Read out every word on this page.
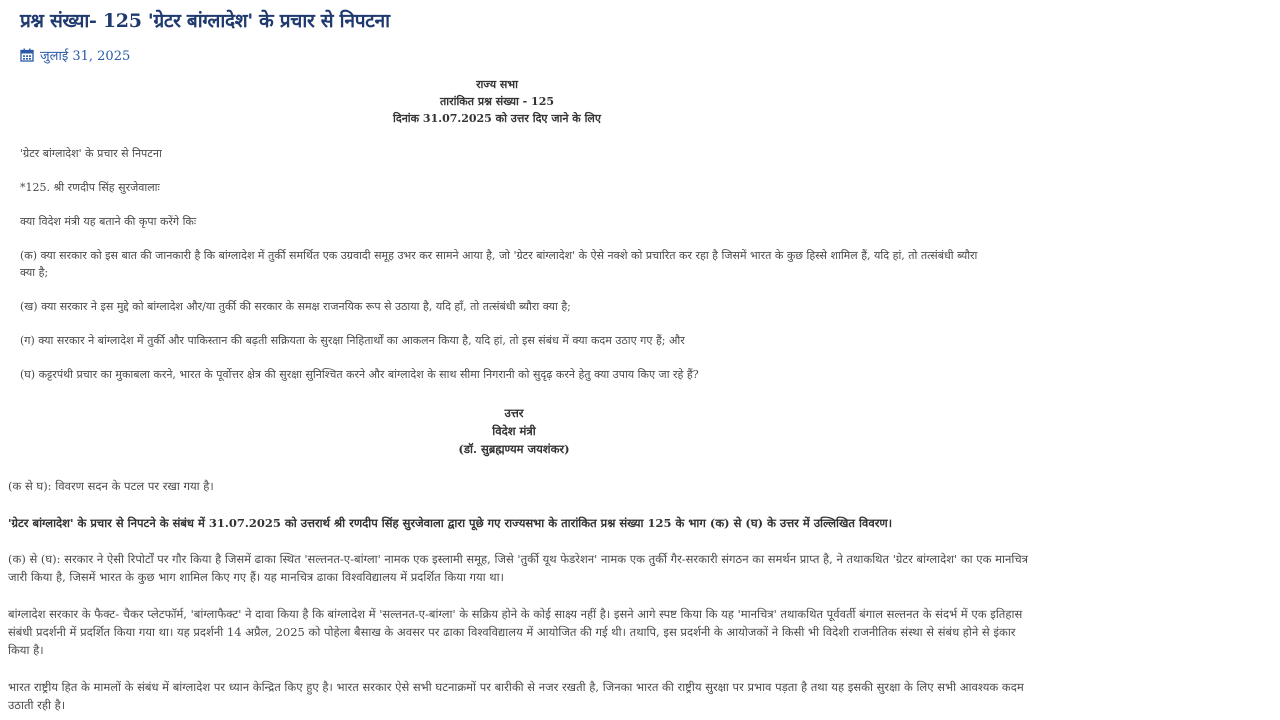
प्रश्न संख्या- 125 'ग्रेटर बांग्लादेश' के प्रचार से निपटना
जुलाई 31, 2025
राज्य सभा
तारांकित प्रश्न संख्या - 125
दिनांक 31.07.2025 को उत्तर दिए जाने के लिए

'ग्रेटर बांग्लादेश' के प्रचार से निपटना

*125. श्री रणदीप सिंह सुरजेवालाः

क्या विदेश मंत्री यह बताने की कृपा करेंगे किः

(क) क्या सरकार को इस बात की जानकारी है कि बांग्लादेश में तुर्की समर्थित एक उग्रवादी समूह उभर कर सामने आया है, जो 'ग्रेटर बांग्लादेश' के ऐसे नक्शे को प्रचारित कर रहा है जिसमें भारत के कुछ हिस्से शामिल हैं, यदि हां, तो तत्संबंधी ब्यौरा क्या है;

(ख) क्या सरकार ने इस मुद्दे को बांग्लादेश और/या तुर्की की सरकार के समक्ष राजनयिक रूप से उठाया है, यदि हाँ, तो तत्संबंधी ब्यौरा क्या है;

(ग) क्या सरकार ने बांग्लादेश में तुर्की और पाकिस्तान की बढ़ती सक्रियता के सुरक्षा निहितार्थों का आकलन किया है, यदि हां, तो इस संबंध में क्या कदम उठाए गए हैं; और

(घ) कट्टरपंथी प्रचार का मुकाबला करने, भारत के पूर्वोत्तर क्षेत्र की सुरक्षा सुनिश्चित करने और बांग्लादेश के साथ सीमा निगरानी को सुदृढ़ करने हेतु क्या उपाय किए जा रहे हैं?

उत्तर
विदेश मंत्री
(डॉ. सुब्रह्मण्यम जयशंकर)

(क से घ): विवरण सदन के पटल पर रखा गया है।

'ग्रेटर बांग्लादेश' के प्रचार से निपटने के संबंध में 31.07.2025 को उत्तरार्थ श्री रणदीप सिंह सुरजेवाला द्वारा पूछे गए राज्यसभा के तारांकित प्रश्न संख्या 125 के भाग (क) से (घ) के उत्तर में उल्लिखित विवरण।

(क) से (घ): सरकार ने ऐसी रिपोर्टों पर गौर किया है जिसमें ढाका स्थित 'सल्तनत-ए-बांग्ला' नामक एक इस्लामी समूह, जिसे 'तुर्की यूथ फेडरेशन' नामक एक तुर्की गैर-सरकारी संगठन का समर्थन प्राप्त है, ने तथाकथित 'ग्रेटर बांग्लादेश' का एक मानचित्र जारी किया है, जिसमें भारत के कुछ भाग शामिल किए गए हैं। यह मानचित्र ढाका विश्वविद्यालय में प्रदर्शित किया गया था।

बांग्लादेश सरकार के फैक्ट- चैकर प्लेटफॉर्म, 'बांग्लाफैक्ट' ने दावा किया है कि बांग्लादेश में 'सल्तनत-ए-बांग्ला' के सक्रिय होने के कोई साक्ष्य नहीं है। इसने आगे स्पष्ट किया कि यह 'मानचित्र' तथाकथित पूर्ववर्ती बंगाल सल्तनत के संदर्भ में एक इतिहास संबंधी प्रदर्शनी में प्रदर्शित किया गया था। यह प्रदर्शनी 14 अप्रैल, 2025 को पोहेला बैसाख के अवसर पर ढाका विश्वविद्यालय में आयोजित की गई थी। तथापि, इस प्रदर्शनी के आयोजकों ने किसी भी विदेशी राजनीतिक संस्था से संबंध होने से इंकार किया है।

भारत राष्ट्रीय हित के मामलों के संबंध में बांग्लादेश पर ध्यान केन्द्रित किए हुए है। भारत सरकार ऐसे सभी घटनाक्रमों पर बारीकी से नजर रखती है, जिनका भारत की राष्ट्रीय सुरक्षा पर प्रभाव पड़ता है तथा यह इसकी सुरक्षा के लिए सभी आवश्यक कदम उठाती रही है।
